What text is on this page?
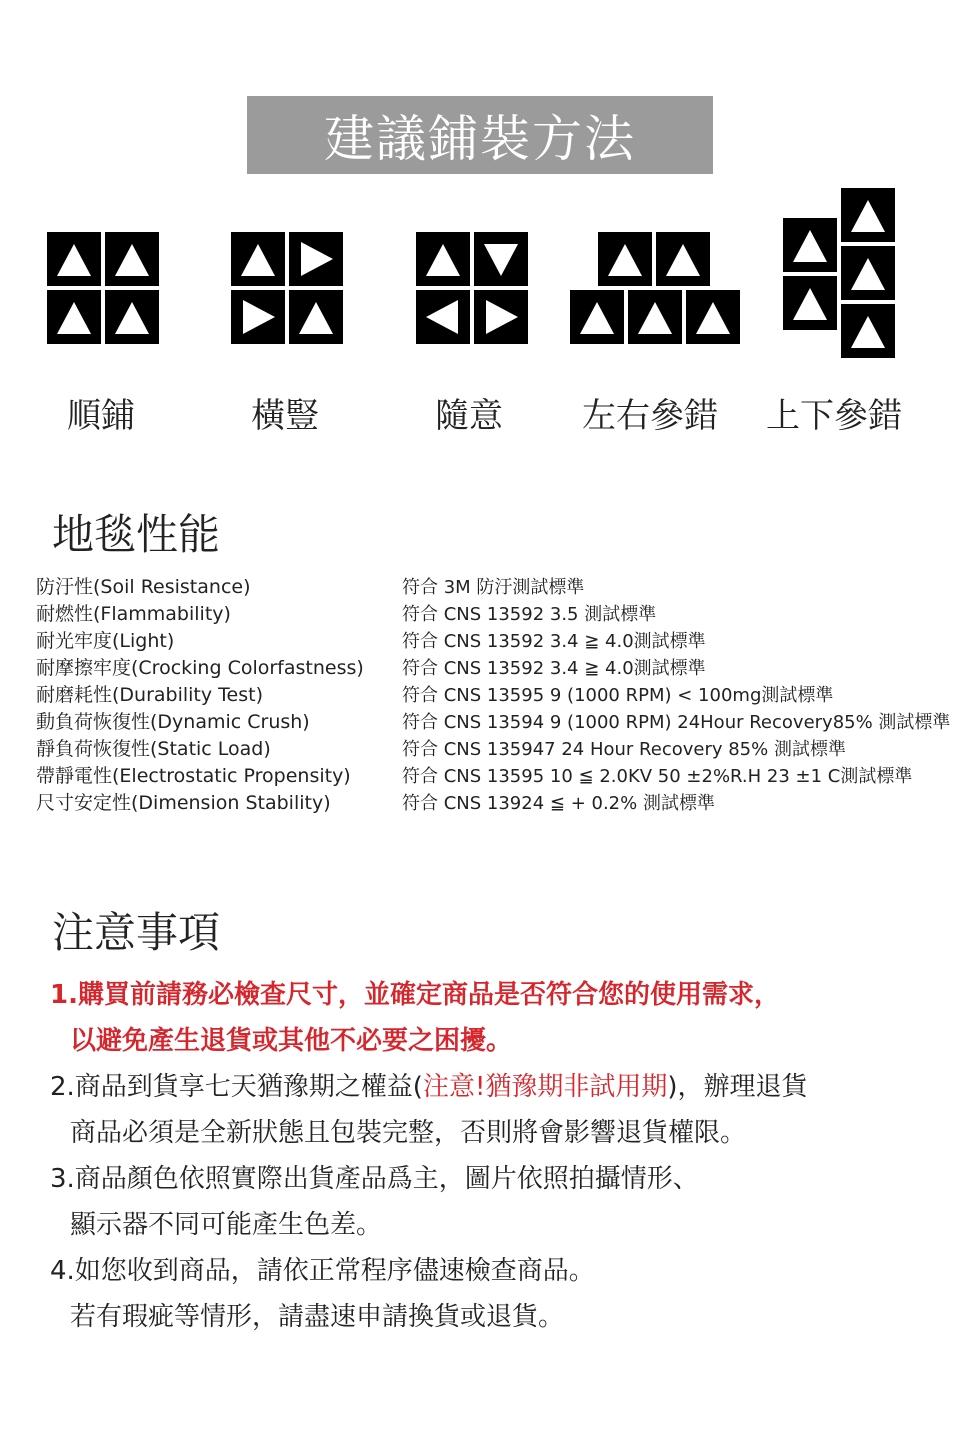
建議鋪裝方法
順鋪	橫豎	隨意 左右參錯 上下參錯
地毯性能
防汙性(Soil Resistance)
耐燃性(Flammability)
耐光牢度(Light)
耐摩擦牢度(Crocking Colorfastness)
耐磨耗性(Durability Test)
動負荷恢復性(Dynamic Crush)
靜負荷恢復性(Static Load)
帶靜電性(Electrostatic Propensity)
尺寸安定性(Dimension Stability)
符合 3M 防汙測試標準
符合 CNS 13592 3.5 測試標準
符合 CNS 13592 3.4 ≧ 4.0測試標準
符合 CNS 13592 3.4 ≧ 4.0測試標準
符合 CNS 13595 9 (1000 RPM) < 100mg測試標準
符合 CNS 13594 9 (1000 RPM) 24Hour Recovery85% 測試標準
符合 CNS 135947 24 Hour Recovery 85% 測試標準
符合 CNS 13595 10 ≦ 2.0KV 50 ±2%R.H 23 ±1 C測試標準
符合 CNS 13924 ≦ + 0.2% 測試標準
注意事項
1.購買前請務必檢查尺寸，並確定商品是否符合您的使用需求，
以避免產生退貨或其他不必要之困擾。
2.商品到貨享七天猶豫期之權益(注意!猶豫期非試用期)，辦理退貨
商品必須是全新狀態且包裝完整，否則將會影響退貨權限。
3.商品顏色依照實際出貨產品爲主，圖片依照拍攝情形、
顯示器不同可能產生色差。
4.如您收到商品，請依正常程序儘速檢查商品。
若有瑕疵等情形，請盡速申請換貨或退貨。
